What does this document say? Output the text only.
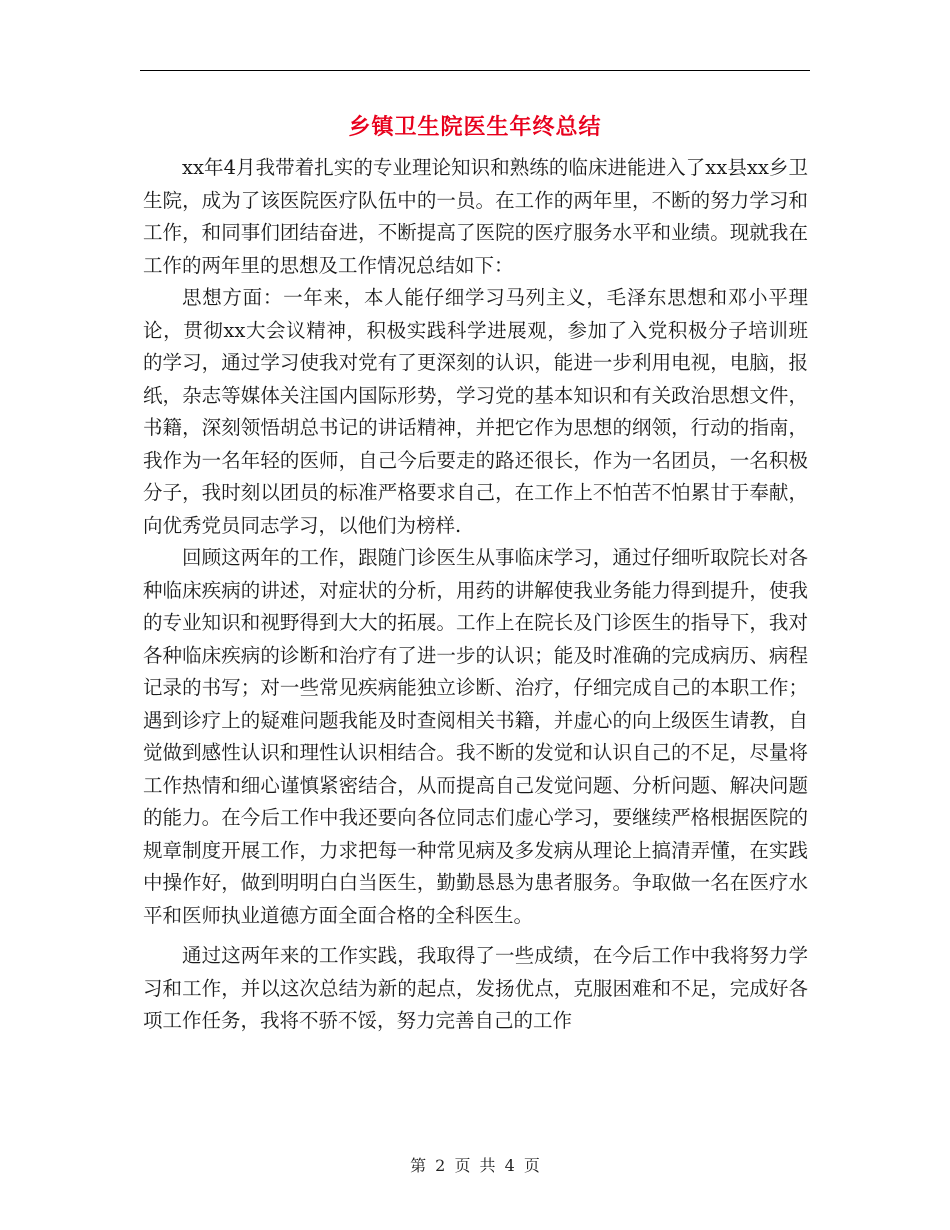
乡镇卫生院医生年终总结

xx年4月我带着扎实的专业理论知识和熟练的临床进能进入了xx县xx乡卫生院，成为了该医院医疗队伍中的一员。在工作的两年里，不断的努力学习和工作，和同事们团结奋进，不断提高了医院的医疗服务水平和业绩。现就我在工作的两年里的思想及工作情况总结如下：

思想方面：一年来，本人能仔细学习马列主义，毛泽东思想和邓小平理论，贯彻xx大会议精神，积极实践科学进展观，参加了入党积极分子培训班的学习，通过学习使我对党有了更深刻的认识，能进一步利用电视，电脑，报纸，杂志等媒体关注国内国际形势，学习党的基本知识和有关政治思想文件，书籍，深刻领悟胡总书记的讲话精神，并把它作为思想的纲领，行动的指南，我作为一名年轻的医师，自己今后要走的路还很长，作为一名团员，一名积极分子，我时刻以团员的标准严格要求自己，在工作上不怕苦不怕累甘于奉献，向优秀党员同志学习，以他们为榜样.

回顾这两年的工作，跟随门诊医生从事临床学习，通过仔细听取院长对各种临床疾病的讲述，对症状的分析，用药的讲解使我业务能力得到提升，使我的专业知识和视野得到大大的拓展。工作上在院长及门诊医生的指导下，我对各种临床疾病的诊断和治疗有了进一步的认识；能及时准确的完成病历、病程记录的书写；对一些常见疾病能独立诊断、治疗，仔细完成自己的本职工作；遇到诊疗上的疑难问题我能及时查阅相关书籍，并虚心的向上级医生请教，自觉做到感性认识和理性认识相结合。我不断的发觉和认识自己的不足，尽量将工作热情和细心谨慎紧密结合，从而提高自己发觉问题、分析问题、解决问题的能力。在今后工作中我还要向各位同志们虚心学习，要继续严格根据医院的规章制度开展工作，力求把每一种常见病及多发病从理论上搞清弄懂，在实践中操作好，做到明明白白当医生，勤勤恳恳为患者服务。争取做一名在医疗水平和医师执业道德方面全面合格的全科医生。

通过这两年来的工作实践，我取得了一些成绩，在今后工作中我将努力学习和工作，并以这次总结为新的起点，发扬优点，克服困难和不足，完成好各项工作任务，我将不骄不馁，努力完善自己的工作

第 2 页 共 4 页
